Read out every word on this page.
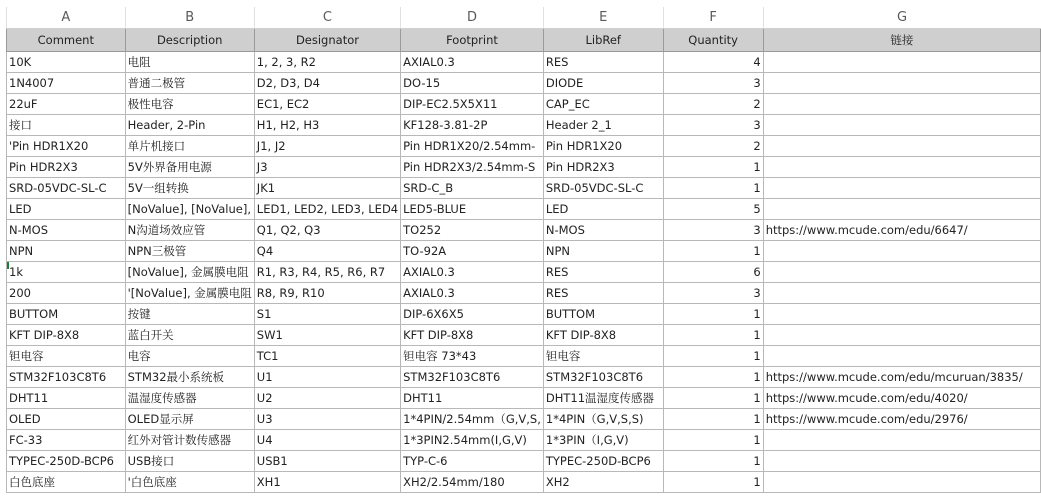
A	B	C	D	E	F	G
Comment	Description	Designator	Footprint	LibRef	Quantity	链接
10K	电阻	1, 2, 3, R2	AXIAL0.3	RES	4	
1N4007	普通二极管	D2, D3, D4	DO-15	DIODE	3	
22uF	极性电容	EC1, EC2	DIP-EC2.5X5X11	CAP_EC	2	
接口	Header, 2-Pin	H1, H2, H3	KF128-3.81-2P	Header 2_1	3	
'Pin HDR1X20	单片机接口	J1, J2	Pin HDR1X20/2.54mm-	Pin HDR1X20	2	
Pin HDR2X3	5V外界备用电源	J3	Pin HDR2X3/2.54mm-S	Pin HDR2X3	1	
SRD-05VDC-SL-C	5V一组转换	JK1	SRD-C_B	SRD-05VDC-SL-C	1	
LED	[NoValue], [NoValue],	LED1, LED2, LED3, LED4	LED5-BLUE	LED	5	
N-MOS	N沟道场效应管	Q1, Q2, Q3	TO252	N-MOS	3	https://www.mcude.com/edu/6647/
NPN	NPN三极管	Q4	TO-92A	NPN	1	
1k	[NoValue], 金属膜电阻	R1, R3, R4, R5, R6, R7	AXIAL0.3	RES	6	
200	'[NoValue], 金属膜电阻	R8, R9, R10	AXIAL0.3	RES	3	
BUTTOM	按键	S1	DIP-6X6X5	BUTTOM	1	
KFT DIP-8X8	蓝白开关	SW1	KFT DIP-8X8	KFT DIP-8X8	1	
钽电容	电容	TC1	钽电容 73*43	钽电容	1	
STM32F103C8T6	STM32最小系统板	U1	STM32F103C8T6	STM32F103C8T6	1	https://www.mcude.com/edu/mcuruan/3835/
DHT11	温湿度传感器	U2	DHT11	DHT11温湿度传感器	1	https://www.mcude.com/edu/4020/
OLED	OLED显示屏	U3	1*4PIN/2.54mm（G,V,S,	1*4PIN（G,V,S,S)	1	https://www.mcude.com/edu/2976/
FC-33	红外对管计数传感器	U4	1*3PIN2.54mm(I,G,V)	1*3PIN（I,G,V)	1	
TYPEC-250D-BCP6	USB接口	USB1	TYP-C-6	TYPEC-250D-BCP6	1	
白色底座	'白色底座	XH1	XH2/2.54mm/180	XH2	1	
